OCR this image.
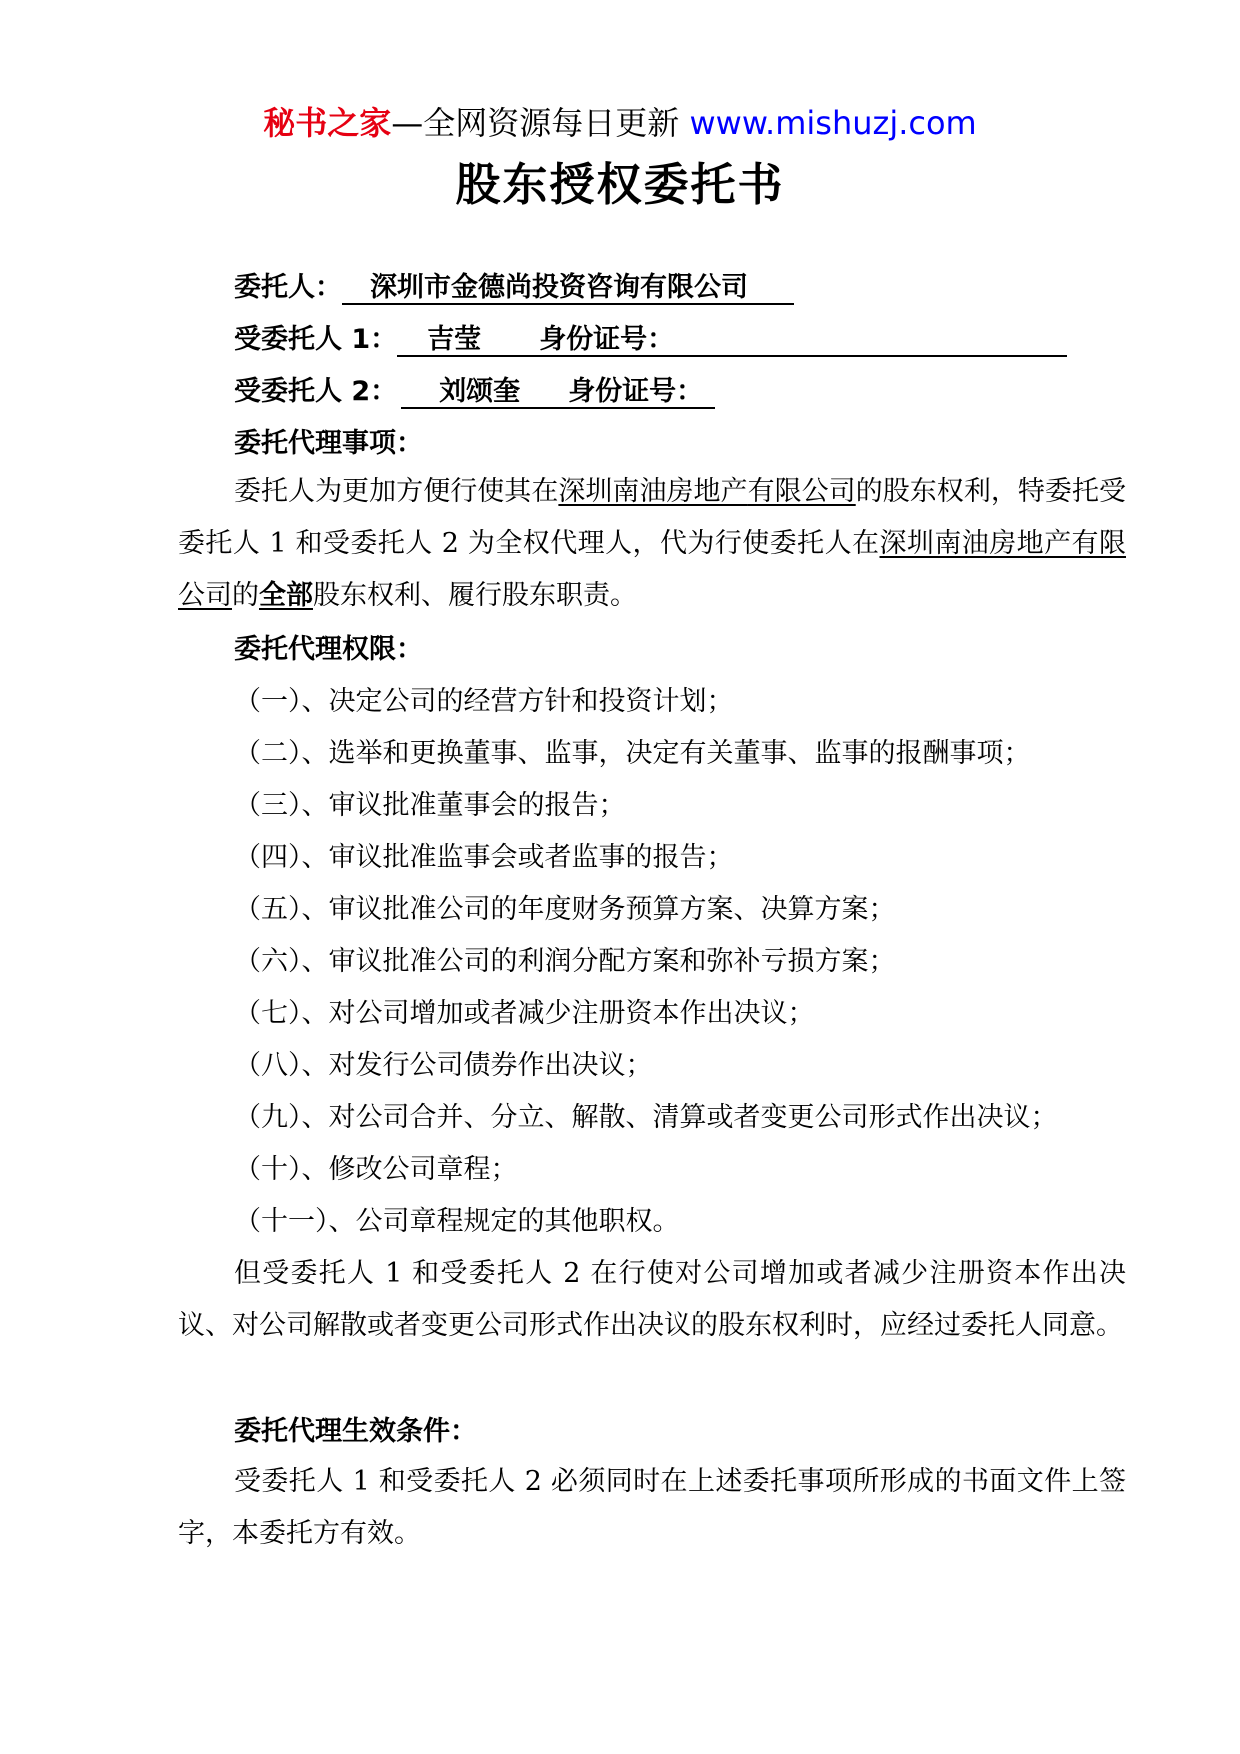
秘书之家—全网资源每日更新 www.mishuzj.com
股东授权委托书
委托人： 深圳市金德尚投资咨询有限公司
受委托人 1： 吉莹 身份证号：
受委托人 2： 刘颂奎 身份证号：
委托代理事项：
委托人为更加方便行使其在深圳南油房地产有限公司的股东权利，特委托受委托人 1 和受委托人 2 为全权代理人，代为行使委托人在深圳南油房地产有限公司的全部股东权利、履行股东职责。
委托代理权限：
（一）、决定公司的经营方针和投资计划；
（二）、选举和更换董事、监事，决定有关董事、监事的报酬事项；
（三）、审议批准董事会的报告；
（四）、审议批准监事会或者监事的报告；
（五）、审议批准公司的年度财务预算方案、决算方案；
（六）、审议批准公司的利润分配方案和弥补亏损方案；
（七）、对公司增加或者减少注册资本作出决议；
（八）、对发行公司债券作出决议；
（九）、对公司合并、分立、解散、清算或者变更公司形式作出决议；
（十）、修改公司章程；
（十一）、公司章程规定的其他职权。
但受委托人 1 和受委托人 2 在行使对公司增加或者减少注册资本作出决议、对公司解散或者变更公司形式作出决议的股东权利时，应经过委托人同意。
委托代理生效条件：
受委托人 1 和受委托人 2 必须同时在上述委托事项所形成的书面文件上签字，本委托方有效。
